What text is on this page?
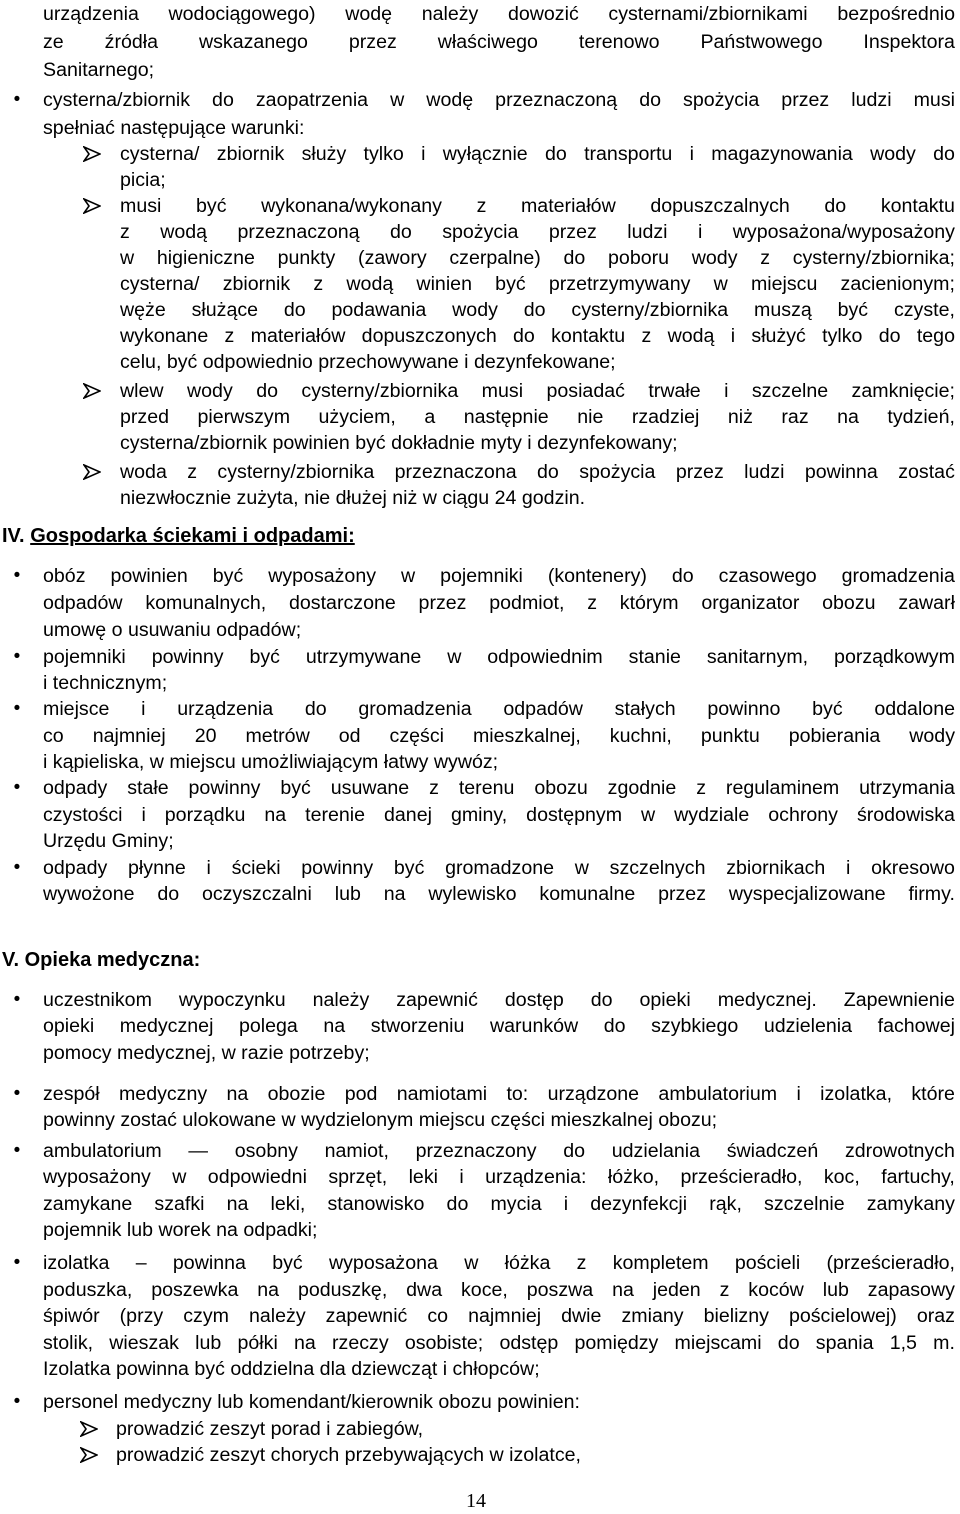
•
•
•
•
•
•
•
•
•
•
•
urządzenia wodociągowego) wodę należy dowozić cysternami/zbiornikami bezpośrednio
ze źródła wskazanego przez właściwego terenowo Państwowego Inspektora
Sanitarnego;
cysterna/zbiornik do zaopatrzenia w wodę przeznaczoną do spożycia przez ludzi musi
spełniać następujące warunki:
cysterna/ zbiornik służy tylko i wyłącznie do transportu i magazynowania wody do
picia;
musi być wykonana/wykonany z materiałów dopuszczalnych do kontaktu
z wodą przeznaczoną do spożycia przez ludzi i wyposażona/wyposażony
w higieniczne punkty (zawory czerpalne) do poboru wody z cysterny/zbiornika;
cysterna/ zbiornik z wodą winien być przetrzymywany w miejscu zacienionym;
węże służące do podawania wody do cysterny/zbiornika muszą być czyste,
wykonane z materiałów dopuszczonych do kontaktu z wodą i służyć tylko do tego
celu, być odpowiednio przechowywane i dezynfekowane;
wlew wody do cysterny/zbiornika musi posiadać trwałe i szczelne zamknięcie;
przed pierwszym użyciem, a następnie nie rzadziej niż raz na tydzień,
cysterna/zbiornik powinien być dokładnie myty i dezynfekowany;
woda z cysterny/zbiornika przeznaczona do spożycia przez ludzi powinna zostać
niezwłocznie zużyta, nie dłużej niż w ciągu 24 godzin.
obóz powinien być wyposażony w pojemniki (kontenery) do czasowego gromadzenia
odpadów komunalnych, dostarczone przez podmiot, z którym organizator obozu zawarł
umowę o usuwaniu odpadów;
pojemniki powinny być utrzymywane w odpowiednim stanie sanitarnym, porządkowym
i technicznym;
miejsce i urządzenia do gromadzenia odpadów stałych powinno być oddalone
co najmniej 20 metrów od części mieszkalnej, kuchni, punktu pobierania wody
i kąpieliska, w miejscu umożliwiającym łatwy wywóz;
odpady stałe powinny być usuwane z terenu obozu zgodnie z regulaminem utrzymania
czystości i porządku na terenie danej gminy, dostępnym w wydziale ochrony środowiska
Urzędu Gminy;
odpady płynne i ścieki powinny być gromadzone w szczelnych zbiornikach i okresowo
wywożone do oczyszczalni lub na wylewisko komunalne przez wyspecjalizowane firmy.
uczestnikom wypoczynku należy zapewnić dostęp do opieki medycznej. Zapewnienie
opieki medycznej polega na stworzeniu warunków do szybkiego udzielenia fachowej
pomocy medycznej, w razie potrzeby;
zespół medyczny na obozie pod namiotami to: urządzone ambulatorium i izolatka, które
powinny zostać ulokowane w wydzielonym miejscu części mieszkalnej obozu;
ambulatorium — osobny namiot, przeznaczony do udzielania świadczeń zdrowotnych
wyposażony w odpowiedni sprzęt, leki i urządzenia: łóżko, prześcieradło, koc, fartuchy,
zamykane szafki na leki, stanowisko do mycia i dezynfekcji rąk, szczelnie zamykany
pojemnik lub worek na odpadki;
izolatka – powinna być wyposażona w łóżka z kompletem pościeli (prześcieradło,
poduszka, poszewka na poduszkę, dwa koce, poszwa na jeden z koców lub zapasowy
śpiwór (przy czym należy zapewnić co najmniej dwie zmiany bielizny pościelowej) oraz
stolik, wieszak lub półki na rzeczy osobiste; odstęp pomiędzy miejscami do spania 1,5 m.
Izolatka powinna być oddzielna dla dziewcząt i chłopców;
personel medyczny lub komendant/kierownik obozu powinien:
prowadzić zeszyt porad i zabiegów,
prowadzić zeszyt chorych przebywających w izolatce,
IV. Gospodarka ściekami i odpadami:
V. Opieka medyczna:
14
